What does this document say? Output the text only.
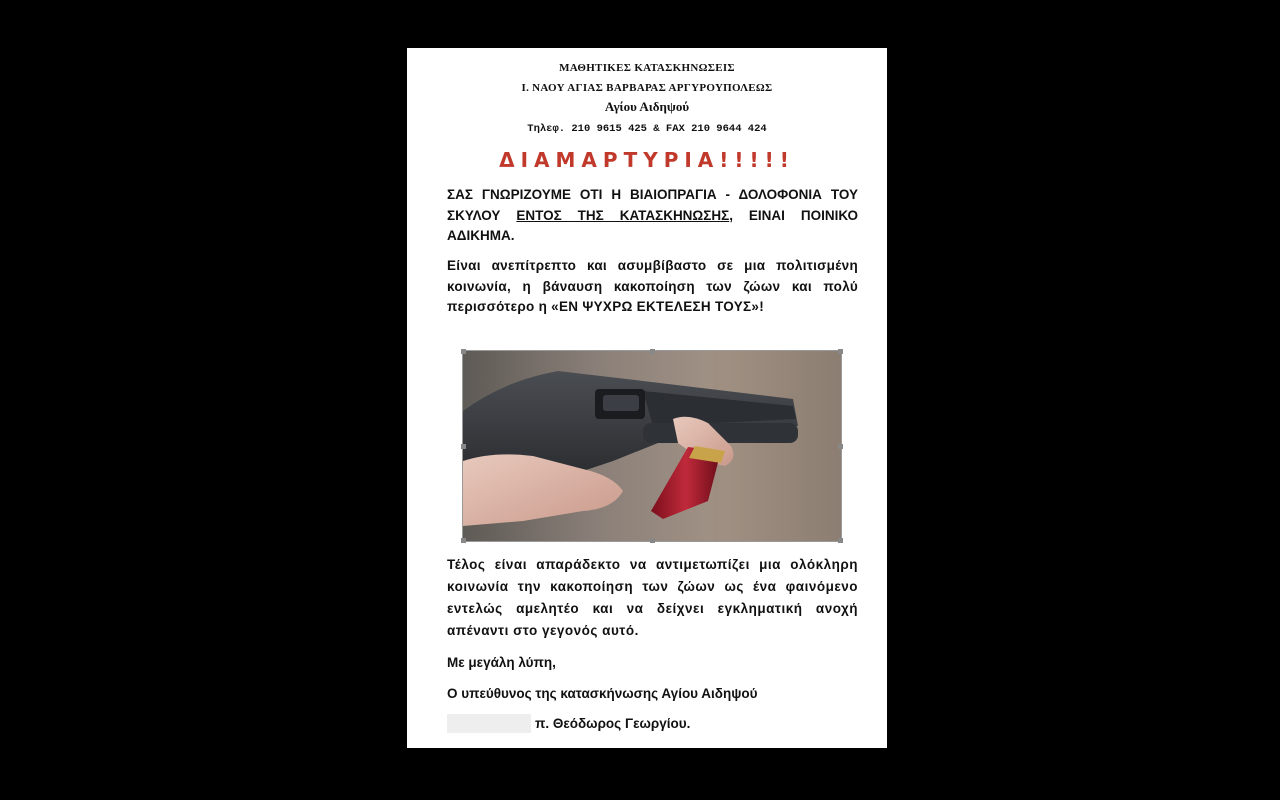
ΜΑΘΗΤΙΚΕΣ ΚΑΤΑΣΚΗΝΩΣΕΙΣ
Ι. ΝΑΟΥ ΑΓΙΑΣ ΒΑΡΒΑΡΑΣ ΑΡΓΥΡΟΥΠΟΛΕΩΣ
Αγίου Αιδηψού
Τηλεφ. 210 9615 425 & FAX 210 9644 424
ΔΙΑΜΑΡΤΥΡΙΑ!!!!!
ΣΑΣ ΓΝΩΡΙΖΟΥΜΕ ΟΤΙ Η ΒΙΑΙΟΠΡΑΓΙΑ - ΔΟΛΟΦΟΝΙΑ ΤΟΥ ΣΚΥΛΟΥ ΕΝΤΟΣ ΤΗΣ ΚΑΤΑΣΚΗΝΩΣΗΣ, ΕΙΝΑΙ ΠΟΙΝΙΚΟ ΑΔΙΚΗΜΑ.
Είναι ανεπίτρεπτο και ασυμβίβαστο σε μια πολιτισμένη κοινωνία, η βάναυση κακοποίηση των ζώων και πολύ περισσότερο η «ΕΝ ΨΥΧΡΩ ΕΚΤΕΛΕΣΗ ΤΟΥΣ»!
Τέλος είναι απαράδεκτο να αντιμετωπίζει μια ολόκληρη κοινωνία την κακοποίηση των ζώων ως ένα φαινόμενο εντελώς αμελητέο και να δείχνει εγκληματική ανοχή απέναντι στο γεγονός αυτό.
Με μεγάλη λύπη,
Ο υπεύθυνος της κατασκήνωσης Αγίου Αιδηψού
π. Θεόδωρος Γεωργίου.
